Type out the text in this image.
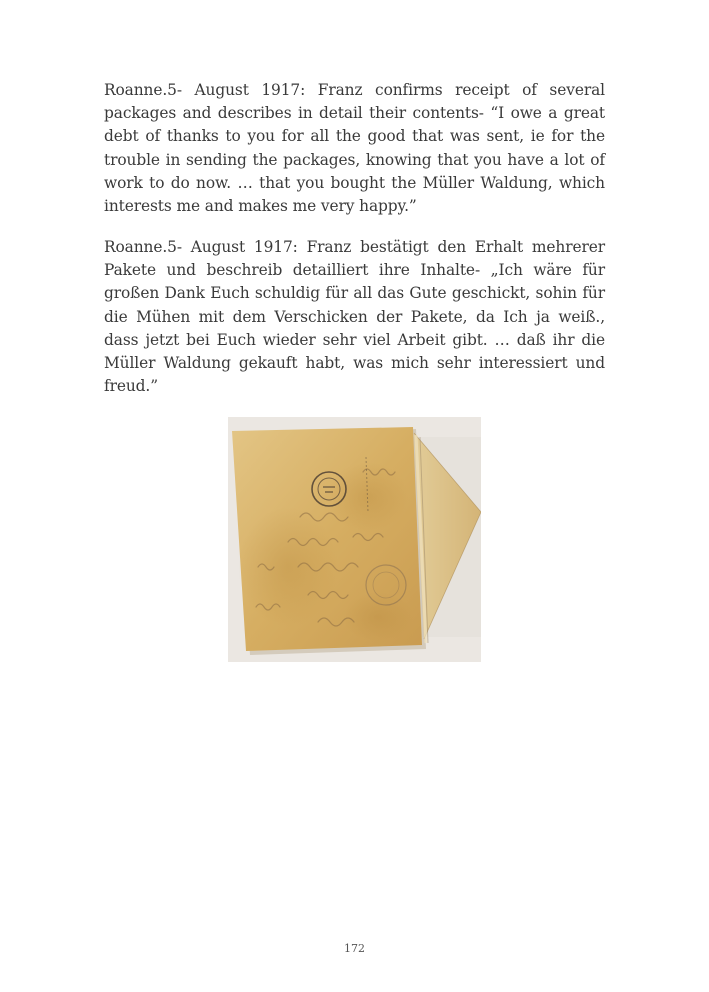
Roanne.5- August 1917: Franz confirms receipt of several packages and describes in detail their contents- “I owe a great debt of thanks to you for all the good that was sent, ie for the trouble in sending the packages, knowing that you have a lot of work to do now. … that you bought the Müller Waldung, which interests me and makes me very happy.”

Roanne.5- August 1917: Franz bestätigt den Erhalt mehrerer Pakete und beschreib detailliert ihre Inhalte- „Ich wäre für großen Dank Euch schuldig für all das Gute geschickt, sohin für die Mühen mit dem Verschicken der Pakete, da Ich ja weiß., dass jetzt bei Euch wieder sehr viel Arbeit gibt. … daß ihr die Müller Waldung gekauft habt, was mich sehr interessiert und freud.”

172
